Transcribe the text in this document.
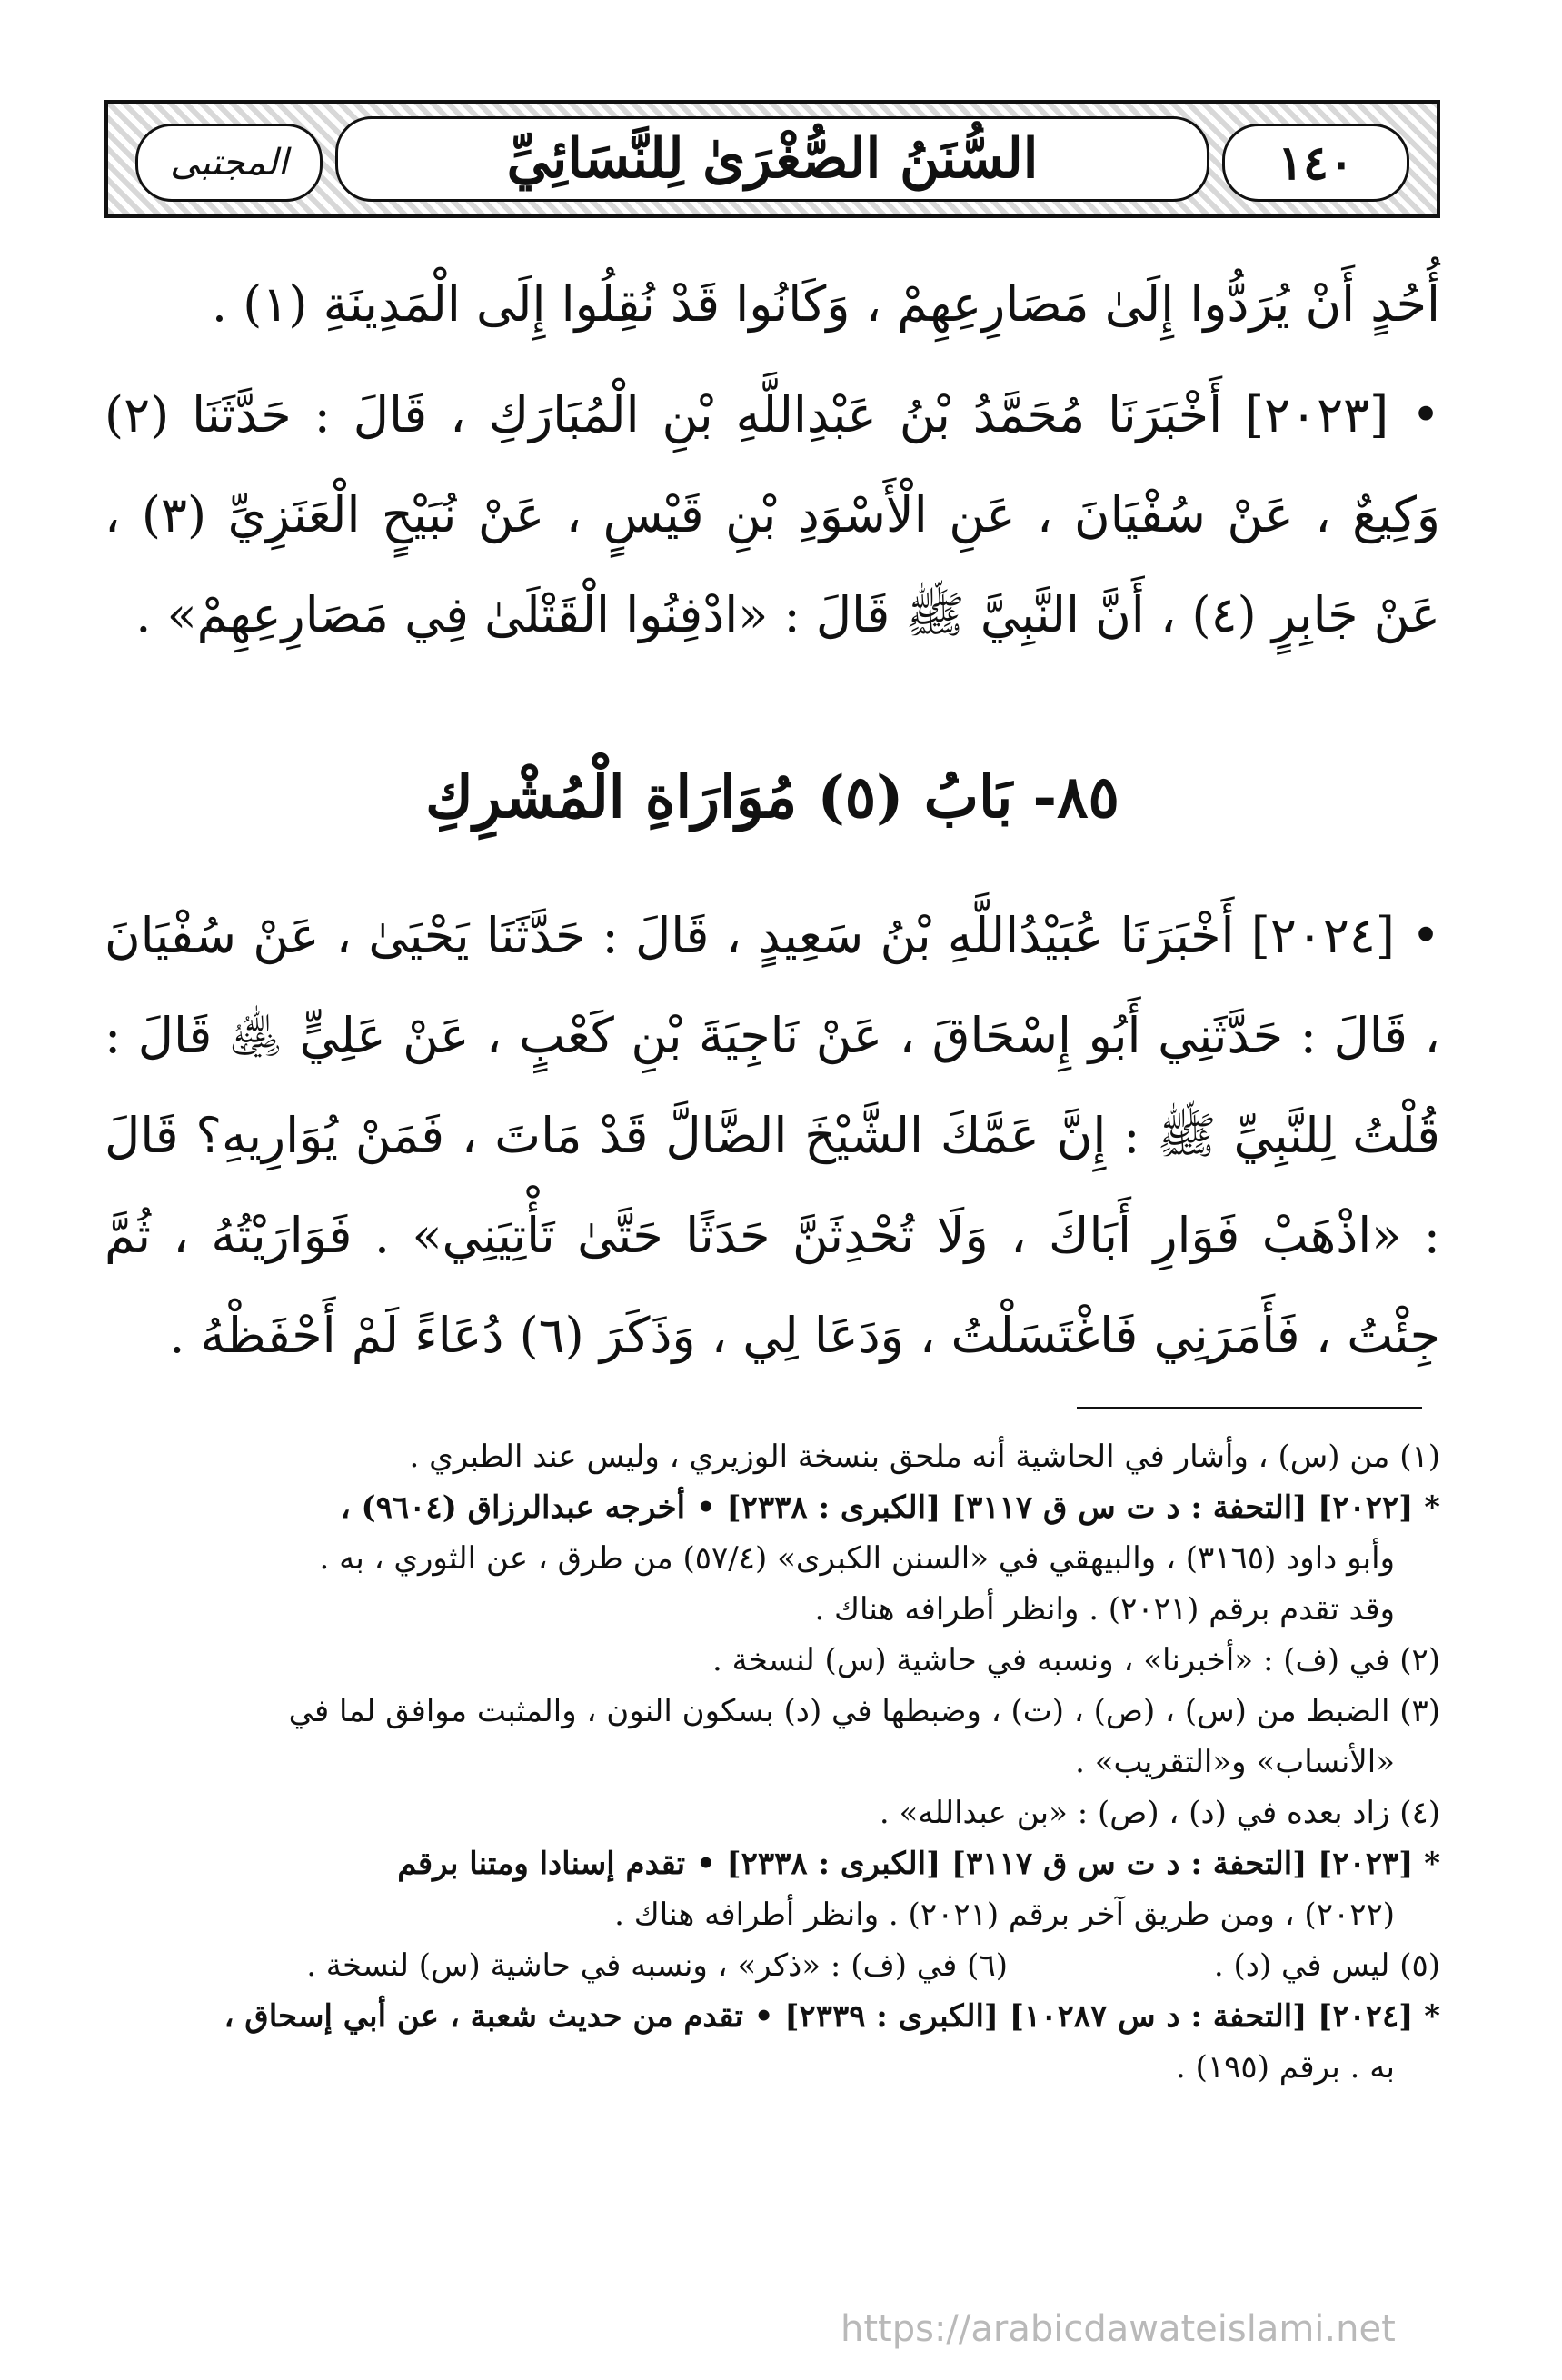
المجتبى	السُّنَنُ الصُّغْرَىٰ لِلنَّسَائِيِّ	١٤٠

أُحُدٍ أَنْ يُرَدُّوا إِلَىٰ مَصَارِعِهِمْ ، وَكَانُوا قَدْ نُقِلُوا إِلَى الْمَدِينَةِ (١) .

• [٢٠٢٣] أَخْبَرَنَا مُحَمَّدُ بْنُ عَبْدِاللَّهِ بْنِ الْمُبَارَكِ ، قَالَ : حَدَّثَنَا (٢) وَكِيعٌ ، عَنْ سُفْيَانَ ، عَنِ الْأَسْوَدِ بْنِ قَيْسٍ ، عَنْ نُبَيْحٍ الْعَنَزِيِّ (٣) ، عَنْ جَابِرٍ (٤) ، أَنَّ النَّبِيَّ ﷺ قَالَ : «ادْفِنُوا الْقَتْلَىٰ فِي مَصَارِعِهِمْ» .

٨٥- بَابُ (٥) مُوَارَاةِ الْمُشْرِكِ

• [٢٠٢٤] أَخْبَرَنَا عُبَيْدُاللَّهِ بْنُ سَعِيدٍ ، قَالَ : حَدَّثَنَا يَحْيَىٰ ، عَنْ سُفْيَانَ ، قَالَ : حَدَّثَنِي أَبُو إِسْحَاقَ ، عَنْ نَاجِيَةَ بْنِ كَعْبٍ ، عَنْ عَلِيٍّ ﵁ قَالَ : قُلْتُ لِلنَّبِيِّ ﷺ : إِنَّ عَمَّكَ الشَّيْخَ الضَّالَّ قَدْ مَاتَ ، فَمَنْ يُوَارِيهِ؟ قَالَ : «اذْهَبْ فَوَارِ أَبَاكَ ، وَلَا تُحْدِثَنَّ حَدَثًا حَتَّىٰ تَأْتِيَنِي» . فَوَارَيْتُهُ ، ثُمَّ جِئْتُ ، فَأَمَرَنِي فَاغْتَسَلْتُ ، وَدَعَا لِي ، وَذَكَرَ (٦) دُعَاءً لَمْ أَحْفَظْهُ .

(١) من (س) ، وأشار في الحاشية أنه ملحق بنسخة الوزيري ، وليس عند الطبري .

* [٢٠٢٢] [التحفة : د ت س ق ٣١١٧] [الكبرى : ٢٣٣٨] • أخرجه عبدالرزاق (٩٦٠٤) ،

وأبو داود (٣١٦٥) ، والبيهقي في «السنن الكبرى» (٥٧/٤) من طرق ، عن الثوري ، به .

وقد تقدم برقم (٢٠٢١) . وانظر أطرافه هناك .

(٢) في (ف) : «أخبرنا» ، ونسبه في حاشية (س) لنسخة .

(٣) الضبط من (س) ، (ص) ، (ت) ، وضبطها في (د) بسكون النون ، والمثبت موافق لما في

«الأنساب» و«التقريب» .

(٤) زاد بعده في (د) ، (ص) : «بن عبدالله» .

* [٢٠٢٣] [التحفة : د ت س ق ٣١١٧] [الكبرى : ٢٣٣٨] • تقدم إسنادا ومتنا برقم

(٢٠٢٢) ، ومن طريق آخر برقم (٢٠٢١) . وانظر أطرافه هناك .

(٥) ليس في (د) .                     (٦) في (ف) : «ذكر» ، ونسبه في حاشية (س) لنسخة .

* [٢٠٢٤] [التحفة : د س ١٠٢٨٧] [الكبرى : ٢٣٣٩] • تقدم من حديث شعبة ، عن أبي إسحاق ،

به . برقم (١٩٥) .

https://arabicdawateislami.net
